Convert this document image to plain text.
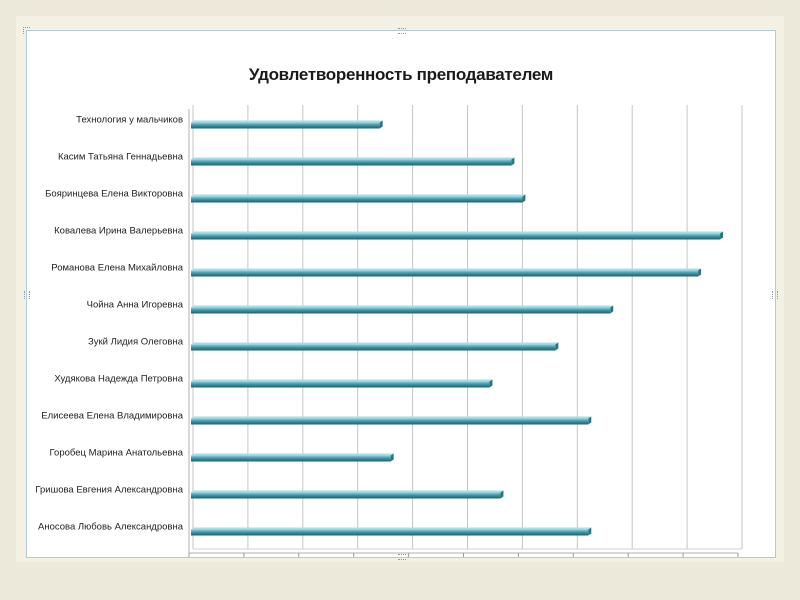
Удовлетворенность преподавателем
Технология у мальчиков
Касим Татьяна Геннадьевна
Бояринцева Елена Викторовна
Ковалева Ирина Валерьевна
Романова Елена Михайловна
Чойна Анна Игоревна
Зукй Лидия Олеговна
Худякова Надежда Петровна
Елисеева Елена Владимировна
Горобец Марина Анатольевна
Гришова Евгения Александровна
Аносова Любовь Александровна
